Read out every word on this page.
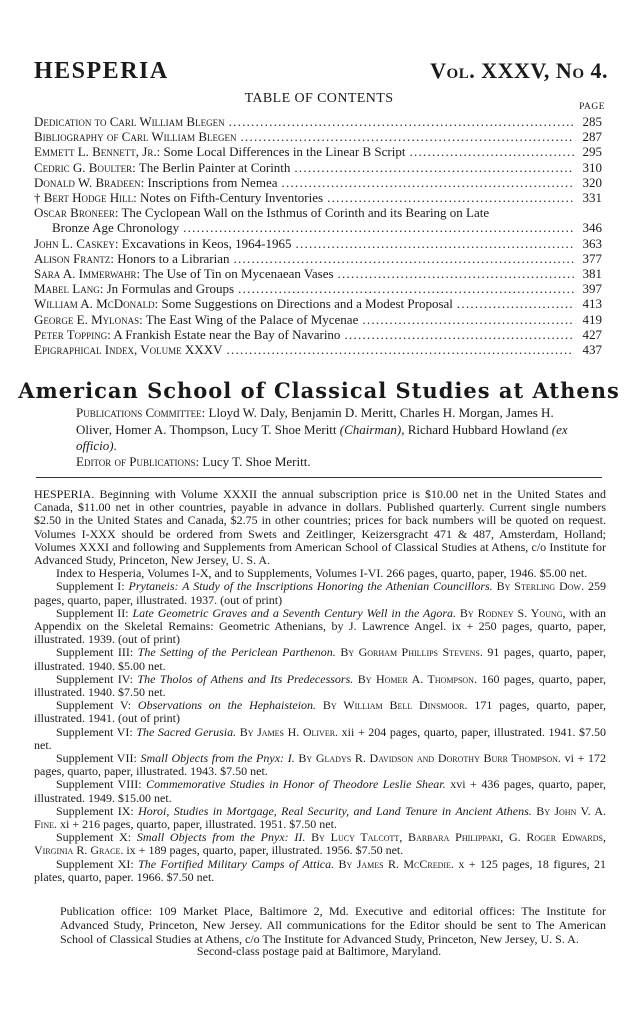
HESPERIA	Vol. XXXV, No 4.
TABLE OF CONTENTS
PAGE
Dedication to Carl William Blegen . . .	285
Bibliography of Carl William Blegen . . .	287
Emmett L. Bennett, Jr.: Some Local Differences in the Linear B Script . . .	295
Cedric G. Boulter: The Berlin Painter at Corinth . . .	310
Donald W. Bradeen: Inscriptions from Nemea . . .	320
† Bert Hodge Hill: Notes on Fifth-Century Inventories . . .	331
Oscar Broneer: The Cyclopean Wall on the Isthmus of Corinth and its Bearing on Late
Bronze Age Chronology . . .	346
John L. Caskey: Excavations in Keos, 1964-1965 . . .	363
Alison Frantz: Honors to a Librarian . . .	377
Sara A. Immerwahr: The Use of Tin on Mycenaean Vases . . .	381
Mabel Lang: Jn Formulas and Groups . . .	397
William A. McDonald: Some Suggestions on Directions and a Modest Proposal . . .	413
George E. Mylonas: The East Wing of the Palace of Mycenae . . .	419
Peter Topping: A Frankish Estate near the Bay of Navarino . . .	427
Epigraphical Index, Volume XXXV . . .	437
American School of Classical Studies at Athens
Publications Committee: Lloyd W. Daly, Benjamin D. Meritt, Charles H. Morgan, James H. Oliver, Homer A. Thompson, Lucy T. Shoe Meritt (Chairman), Richard Hubbard Howland (ex officio).
Editor of Publications: Lucy T. Shoe Meritt.

HESPERIA. Beginning with Volume XXXII the annual subscription price is $10.00 net in the United States and Canada, $11.00 net in other countries, payable in advance in dollars. Published quarterly. Current single numbers $2.50 in the United States and Canada, $2.75 in other countries; prices for back numbers will be quoted on request. Volumes I-XXX should be ordered from Swets and Zeitlinger, Keizersgracht 471 & 487, Amsterdam, Holland; Volumes XXXI and following and Supplements from American School of Classical Studies at Athens, c/o Institute for Advanced Study, Princeton, New Jersey, U. S. A.

Index to Hesperia, Volumes I-X, and to Supplements, Volumes I-VI. 266 pages, quarto, paper, 1946. $5.00 net.

Supplement I: Prytaneis: A Study of the Inscriptions Honoring the Athenian Councillors. By Sterling Dow. 259 pages, quarto, paper, illustrated. 1937. (out of print)

Supplement II: Late Geometric Graves and a Seventh Century Well in the Agora. By Rodney S. Young, with an Appendix on the Skeletal Remains: Geometric Athenians, by J. Lawrence Angel. ix + 250 pages, quarto, paper, illustrated. 1939. (out of print)

Supplement III: The Setting of the Periclean Parthenon. By Gorham Phillips Stevens. 91 pages, quarto, paper, illustrated. 1940. $5.00 net.

Supplement IV: The Tholos of Athens and Its Predecessors. By Homer A. Thompson. 160 pages, quarto, paper, illustrated. 1940. $7.50 net.

Supplement V: Observations on the Hephaisteion. By William Bell Dinsmoor. 171 pages, quarto, paper, illustrated. 1941. (out of print)

Supplement VI: The Sacred Gerusia. By James H. Oliver. xii + 204 pages, quarto, paper, illustrated. 1941. $7.50 net.

Supplement VII: Small Objects from the Pnyx: I. By Gladys R. Davidson and Dorothy Burr Thompson. vi + 172 pages, quarto, paper, illustrated. 1943. $7.50 net.

Supplement VIII: Commemorative Studies in Honor of Theodore Leslie Shear. xvi + 436 pages, quarto, paper, illustrated. 1949. $15.00 net.

Supplement IX: Horoi, Studies in Mortgage, Real Security, and Land Tenure in Ancient Athens. By John V. A. Fine. xi + 216 pages, quarto, paper, illustrated. 1951. $7.50 net.

Supplement X: Small Objects from the Pnyx: II. By Lucy Talcott, Barbara Philippaki, G. Roger Edwards, Virginia R. Grace. ix + 189 pages, quarto, paper, illustrated. 1956. $7.50 net.

Supplement XI: The Fortified Military Camps of Attica. By James R. McCredie. x + 125 pages, 18 figures, 21 plates, quarto, paper. 1966. $7.50 net.

Publication office: 109 Market Place, Baltimore 2, Md. Executive and editorial offices: The Institute for Advanced Study, Princeton, New Jersey. All communications for the Editor should be sent to The American School of Classical Studies at Athens, c/o The Institute for Advanced Study, Princeton, New Jersey, U. S. A.
Second-class postage paid at Baltimore, Maryland.
